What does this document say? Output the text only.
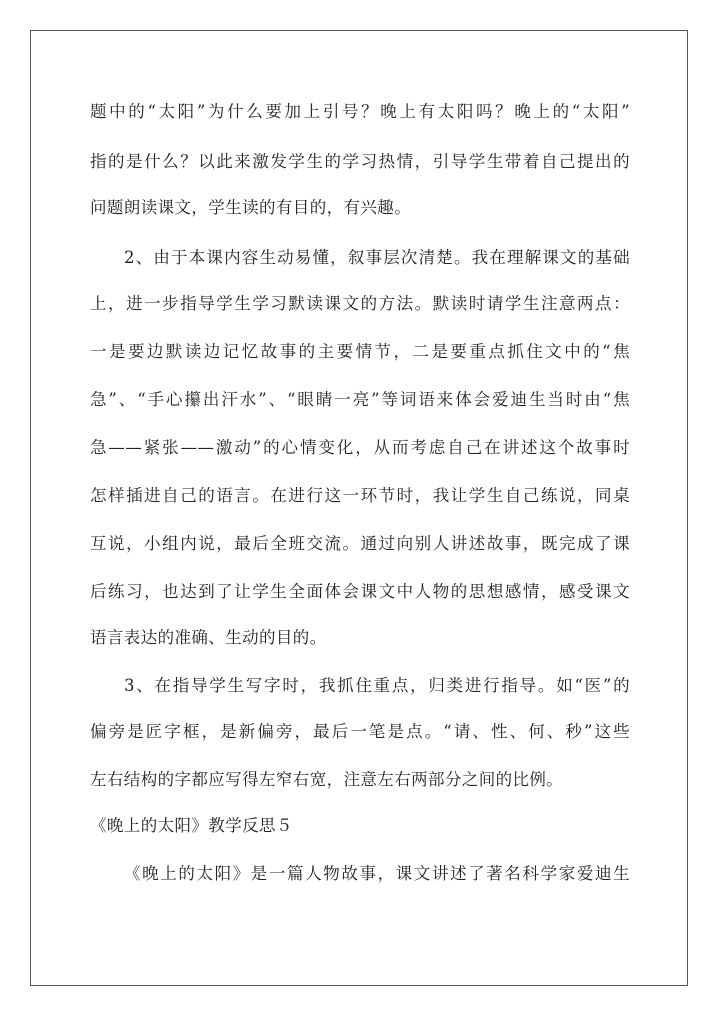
题中的“太阳”为什么要加上引号？晚上有太阳吗？晚上的“太阳”
指的是什么？以此来激发学生的学习热情，引导学生带着自己提出的
问题朗读课文，学生读的有目的，有兴趣。
2、由于本课内容生动易懂，叙事层次清楚。我在理解课文的基础
上，进一步指导学生学习默读课文的方法。默读时请学生注意两点：
一是要边默读边记忆故事的主要情节，二是要重点抓住文中的“焦
急”、“手心攥出汗水”、“眼睛一亮”等词语来体会爱迪生当时由“焦
急——紧张——激动”的心情变化，从而考虑自己在讲述这个故事时
怎样插进自己的语言。在进行这一环节时，我让学生自己练说，同桌
互说，小组内说，最后全班交流。通过向别人讲述故事，既完成了课
后练习，也达到了让学生全面体会课文中人物的思想感情，感受课文
语言表达的准确、生动的目的。
3、在指导学生写字时，我抓住重点，归类进行指导。如“医”的
偏旁是匠字框，是新偏旁，最后一笔是点。“请、性、何、秒”这些
左右结构的字都应写得左窄右宽，注意左右两部分之间的比例。
《晚上的太阳》教学反思５
《晚上的太阳》是一篇人物故事，课文讲述了著名科学家爱迪生
